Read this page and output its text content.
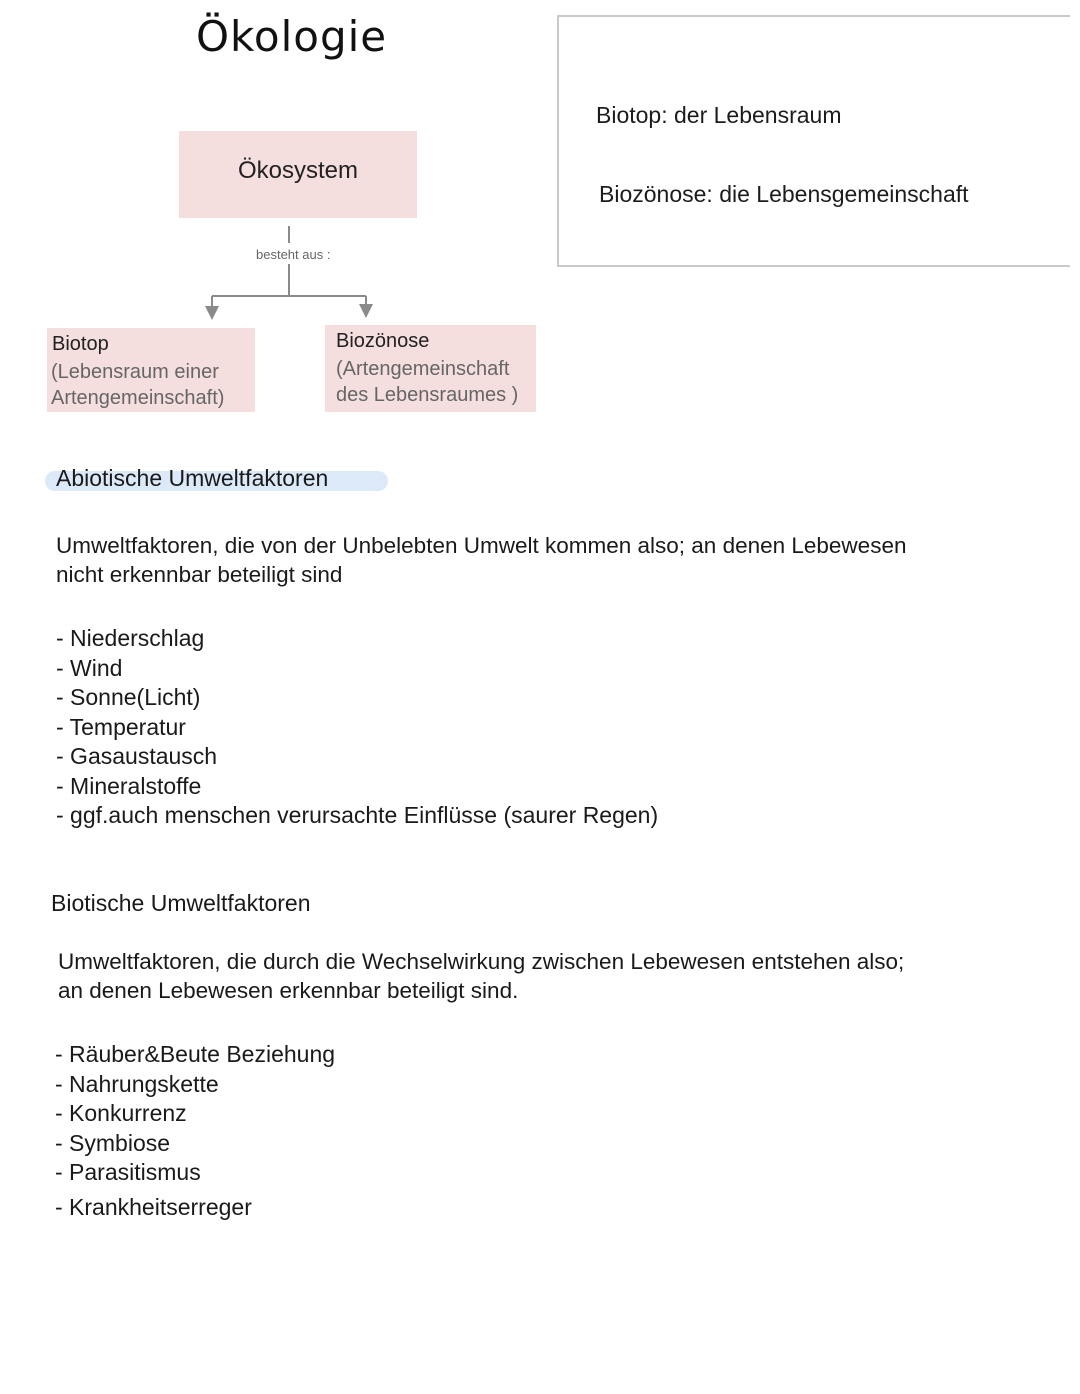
Ökologie
Biotop: der Lebensraum
Biozönose: die Lebensgemeinschaft
Ökosystem
besteht aus :
Biotop
(Lebensraum einer
Artengemeinschaft)
Biozönose
(Artengemeinschaft
des Lebensraumes )
Abiotische Umweltfaktoren
Umweltfaktoren, die von der Unbelebten Umwelt kommen also; an denen Lebewesen
nicht erkennbar beteiligt sind
- Niederschlag
- Wind
- Sonne(Licht)
- Temperatur
- Gasaustausch
- Mineralstoffe
- ggf.auch menschen verursachte Einflüsse (saurer Regen)
Biotische Umweltfaktoren
Umweltfaktoren, die durch die Wechselwirkung zwischen Lebewesen entstehen also;
an denen Lebewesen erkennbar beteiligt sind.
- Räuber&Beute Beziehung
- Nahrungskette
- Konkurrenz
- Symbiose
- Parasitismus
- Krankheitserreger
